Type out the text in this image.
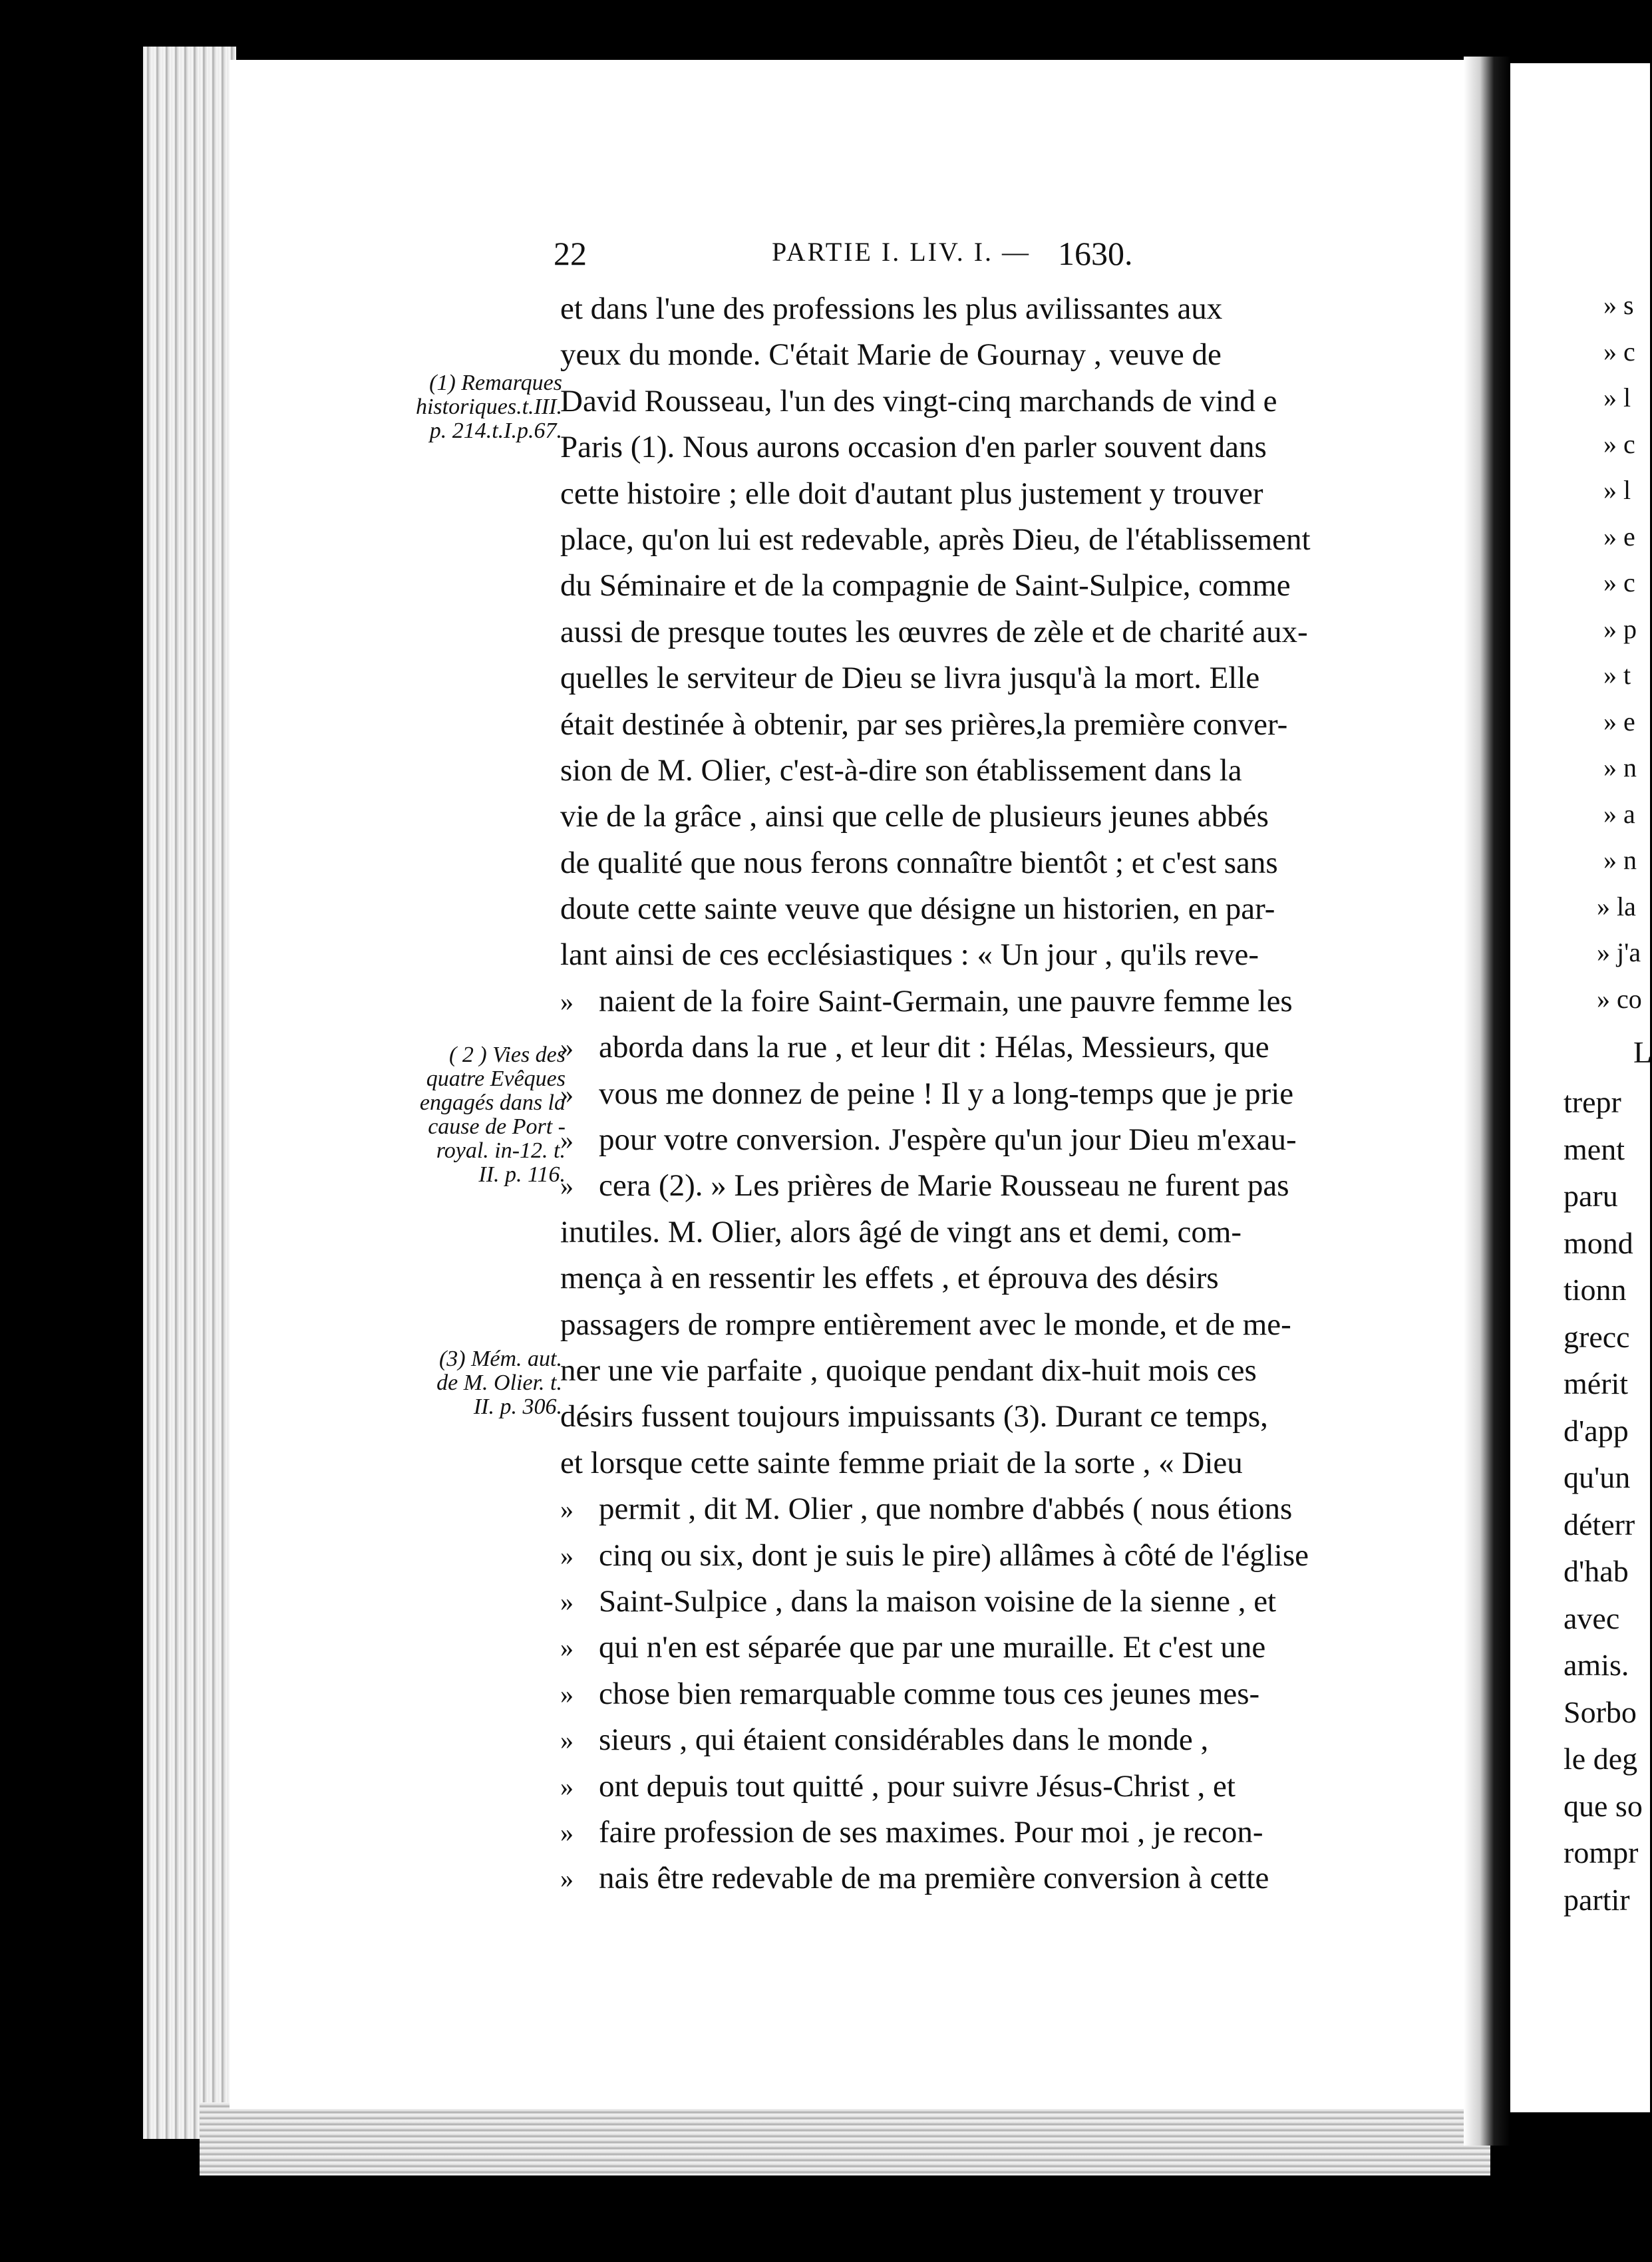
» s
» c
» l
» c
» l
» e
» c
» p
» t
» e
» n
» a
» n
» la
» j'a
» co
L
trepr
ment
paru
mond
tionn
grecc
mérit
d'app
qu'un
déterr
d'hab
avec
amis.
Sorbo
le deg
que so
rompr
partir
22	PARTIE I. LIV. I. — 1630.
et dans l'une des professions les plus avilissantes aux
yeux du monde. C'était Marie de Gournay , veuve de
David Rousseau, l'un des vingt-cinq marchands de vind e
Paris (1). Nous aurons occasion d'en parler souvent dans
cette histoire ; elle doit d'autant plus justement y trouver
place, qu'on lui est redevable, après Dieu, de l'établissement
du Séminaire et de la compagnie de Saint-Sulpice, comme
aussi de presque toutes les œuvres de zèle et de charité aux-
quelles le serviteur de Dieu se livra jusqu'à la mort. Elle
était destinée à obtenir, par ses prières,la première conver-
sion de M. Olier, c'est-à-dire son établissement dans la
vie de la grâce , ainsi que celle de plusieurs jeunes abbés
de qualité que nous ferons connaître bientôt ; et c'est sans
doute cette sainte veuve que désigne un historien, en par-
lant ainsi de ces ecclésiastiques : « Un jour , qu'ils reve-
» naient de la foire Saint-Germain, une pauvre femme les
» aborda dans la rue , et leur dit : Hélas, Messieurs, que
» vous me donnez de peine ! Il y a long-temps que je prie
» pour votre conversion. J'espère qu'un jour Dieu m'exau-
» cera (2). » Les prières de Marie Rousseau ne furent pas
inutiles. M. Olier, alors âgé de vingt ans et demi, com-
mença à en ressentir les effets , et éprouva des désirs
passagers de rompre entièrement avec le monde, et de me-
ner une vie parfaite , quoique pendant dix-huit mois ces
désirs fussent toujours impuissants (3). Durant ce temps,
et lorsque cette sainte femme priait de la sorte , « Dieu
» permit , dit M. Olier , que nombre d'abbés ( nous étions
» cinq ou six, dont je suis le pire) allâmes à côté de l'église
» Saint-Sulpice , dans la maison voisine de la sienne , et
» qui n'en est séparée que par une muraille. Et c'est une
» chose bien remarquable comme tous ces jeunes mes-
» sieurs , qui étaient considérables dans le monde ,
» ont depuis tout quitté , pour suivre Jésus-Christ , et
» faire profession de ses maximes. Pour moi , je recon-
» nais être redevable de ma première conversion à cette
(1) Remarques
historiques.t.III.
p. 214.t.I.p.67.
( 2 ) Vies des
quatre Evêques
engagés dans la
cause de Port -
royal. in-12. t.
II. p. 116.
(3) Mém. aut.
de M. Olier. t.
II. p. 306.
